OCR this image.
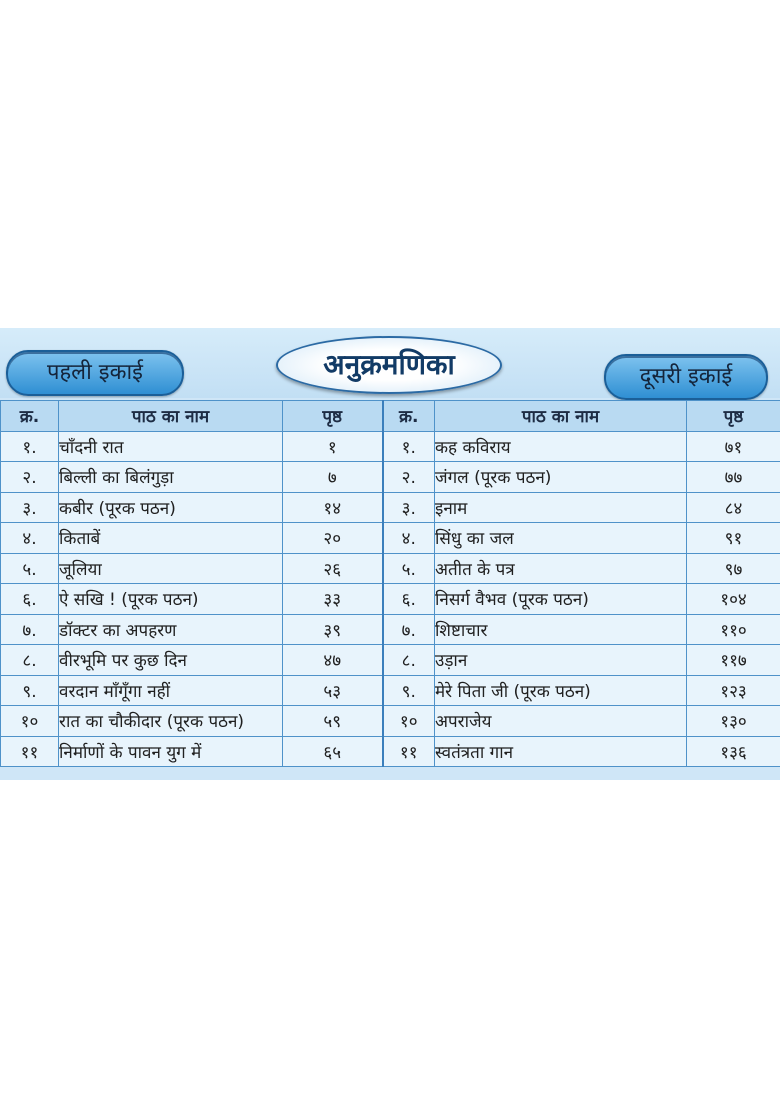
पहली इकाई	अनुक्रमणिका	दूसरी इकाई
क्र.	पाठ का नाम	पृष्ठ	क्र.	पाठ का नाम	पृष्ठ
१.	चाँदनी रात	१	१.	कह कविराय	७१
२.	बिल्ली का बिलंगुड़ा	७	२.	जंगल (पूरक पठन)	७७
३.	कबीर (पूरक पठन)	१४	३.	इनाम	८४
४.	किताबें	२०	४.	सिंधु का जल	९१
५.	जूलिया	२६	५.	अतीत के पत्र	९७
६.	ऐ सखि ! (पूरक पठन)	३३	६.	निसर्ग वैभव (पूरक पठन)	१०४
७.	डॉक्टर का अपहरण	३९	७.	शिष्टाचार	११०
८.	वीरभूमि पर कुछ दिन	४७	८.	उड़ान	११७
९.	वरदान माँगूँगा नहीं	५३	९.	मेरे पिता जी (पूरक पठन)	१२३
१०	रात का चौकीदार (पूरक पठन)	५९	१०	अपराजेय	१३०
११	निर्माणों के पावन युग में	६५	११	स्वतंत्रता गान	१३६
